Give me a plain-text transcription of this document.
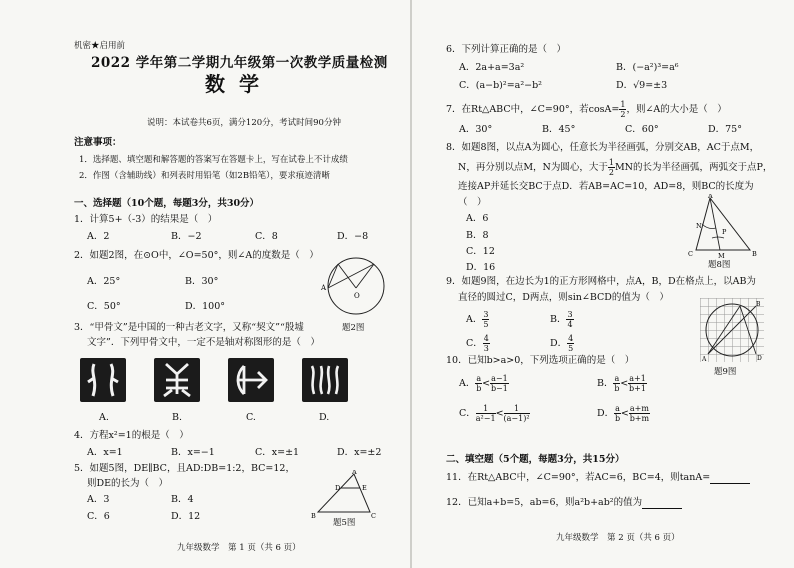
机密★启用前
2022 学年第二学期九年级第一次教学质量检测
数学
说明：本试卷共6页，满分120分，考试时间90分钟
注意事项：
1．选择题、填空题和解答题的答案写在答题卡上，写在试卷上不计成绩
2．作图（含辅助线）和列表时用铅笔（如2B铅笔），要求痕迹清晰
一、选择题（10个题，每题3分，共30分）
1．计算5+（-3）的结果是（　）
A．2	B．−2	C．8	D．−8
2．如题2图，在⊙O中，∠O=50°，则∠A的度数是（　）
A．25°	B．30°
C．50°	D．100°
O
A
题2图
3．“甲骨文”是中国的一种古老文字，又称“契文”“殷墟
文字”．下列甲骨文中，一定不是轴对称图形的是（　）
A.	B.	C.	D.
4．方程x²=1的根是（　）
A．x=1	B．x=−1	C．x=±1	D．x=±2
5．如题5图，DE∥BC，且AD:DB=1:2，BC=12，
则DE的长为（　）
A．3	B．4
C．6	D．12
A
D	E
B	C
题5图
九年级数学　第 1 页（共 6 页）
6．下列计算正确的是（　）
A．2a+a=3a²	B．(−a²)³=a⁶
C．(a−b)²=a²−b²	D．√9=±3
7．在Rt△ABC中，∠C=90°，若$\cos A= \frac{1}{2}$ ，则∠A的大小是（　）
A．30°	B．45°	C．60°	D．75°
8．如题8图，以点A为圆心，任意长为半径画弧，分别交AB，AC于点M，
N，再分别以点M，N为圆心，大于 $\frac{1}{2}$ MN的长为半径画弧，两弧交于点P，
连接AP并延长交BC于点D．若AB=AC=10，AD=8，则BC的长度为
（　）
A．6
B．8
C．12
D．16
A
N
P
C	M	B
题8图
9．如题9图，在边长为1的正方形网格中，点A，B，D在格点上，以AB为
直径的圆过C，D两点，则sin∠BCD的值为（　）
A． $\frac{3}{5}$	B． $\frac{3}{4}$
C． $\frac{4}{3}$	D． $\frac{4}{5}$
A
B
D
题9图
10．已知b>a>0，下列选项正确的是（　）
A． $\frac{a}{b} < \frac{a-1}{b-1}$	B． $\frac{a}{b} < \frac{a+1}{b+1}$
C． $\frac{1}{\text{a²−1}} < \frac{1}{\text{(a−1)²}}$	D． $\frac{a}{b} < \frac{a+m}{b+m}$
二、填空题（5个题，每题3分，共15分）
11．在Rt△ABC中，∠C=90°，若AC=6，BC=4，则tanA=
12．已知a+b=5，ab=6，则a²b+ab²的值为
九年级数学　第 2 页（共 6 页）
